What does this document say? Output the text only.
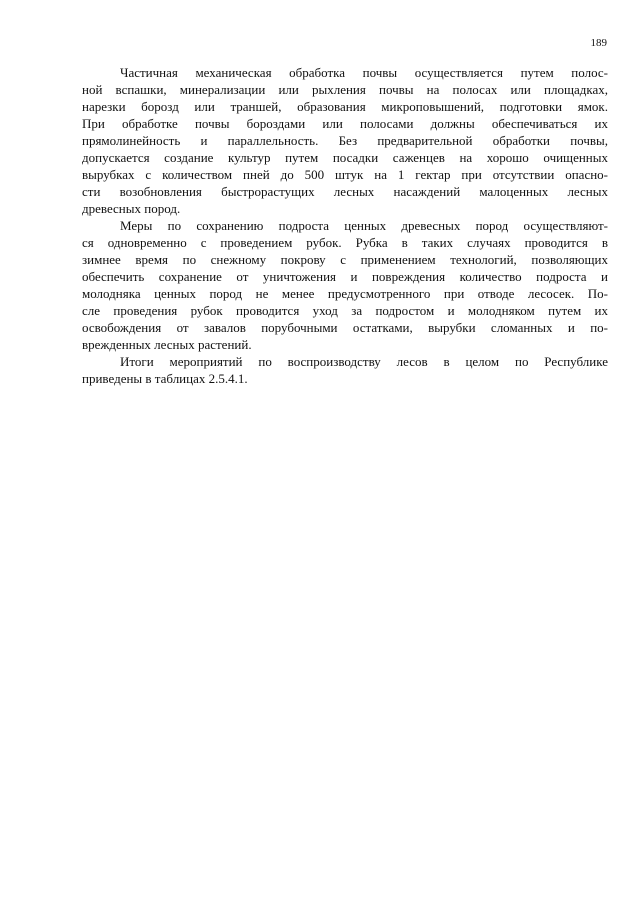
189

Частичная механическая обработка почвы осуществляется путем полос-
ной вспашки, минерализации или рыхления почвы на полосах или площадках,
нарезки борозд или траншей, образования микроповышений, подготовки ямок.
При обработке почвы бороздами или полосами должны обеспечиваться их
прямолинейность и параллельность. Без предварительной обработки почвы,
допускается создание культур путем посадки саженцев на хорошо очищенных
вырубках с количеством пней до 500 штук на 1 гектар при отсутствии опасно-
сти возобновления быстрорастущих лесных насаждений малоценных лесных
древесных пород.

Меры по сохранению подроста ценных древесных пород осуществляют-
ся одновременно с проведением рубок. Рубка в таких случаях проводится в
зимнее время по снежному покрову с применением технологий, позволяющих
обеспечить сохранение от уничтожения и повреждения количество подроста и
молодняка ценных пород не менее предусмотренного при отводе лесосек. По-
сле проведения рубок проводится уход за подростом и молодняком путем их
освобождения от завалов порубочными остатками, вырубки сломанных и по-
врежденных лесных растений.

Итоги мероприятий по воспроизводству лесов в целом по Республике
приведены в таблицах 2.5.4.1.
